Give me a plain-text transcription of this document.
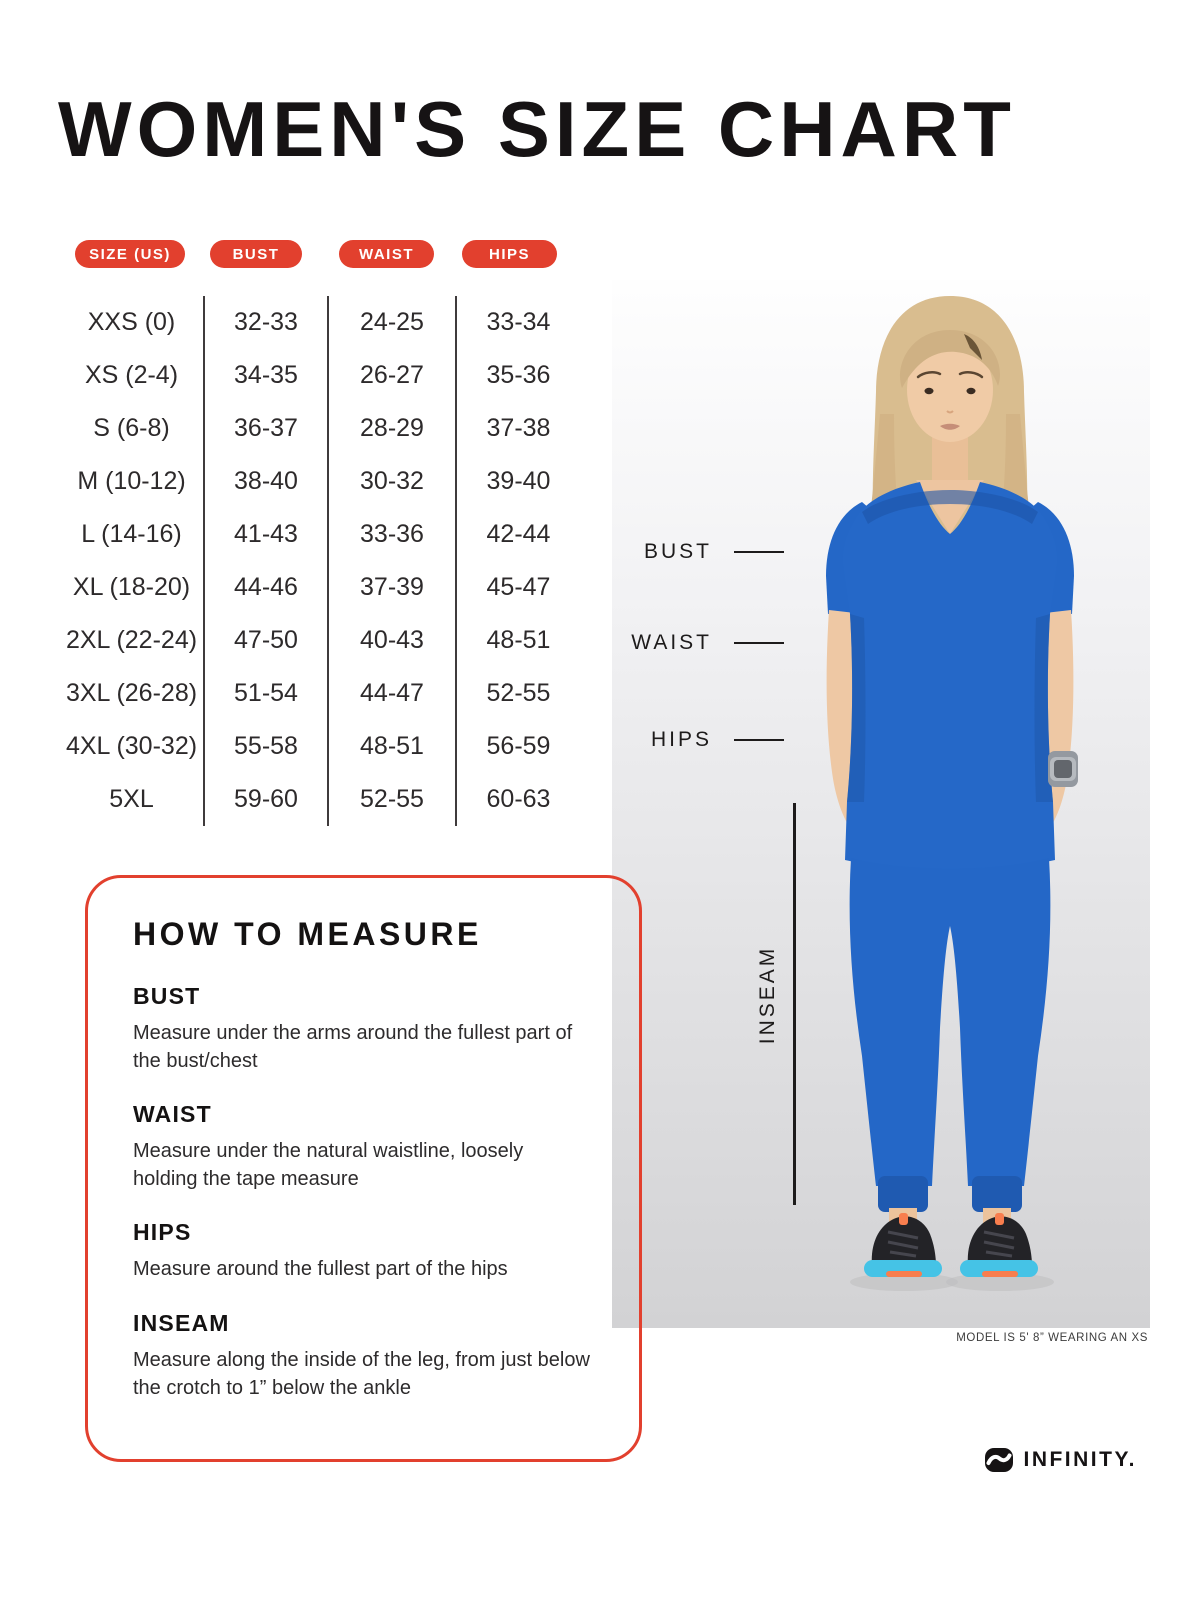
WOMEN'S SIZE CHART
SIZE (US)	BUST	WAIST	HIPS
XXS (0)	32-33	24-25	33-34
XS (2-4)	34-35	26-27	35-36
S (6-8)	36-37	28-29	37-38
M (10-12)	38-40	30-32	39-40
L (14-16)	41-43	33-36	42-44
XL (18-20)	44-46	37-39	45-47
2XL (22-24)	47-50	40-43	48-51
3XL (26-28)	51-54	44-47	52-55
4XL (30-32)	55-58	48-51	56-59
5XL	59-60	52-55	60-63
BUST
WAIST
HIPS
INSEAM
MODEL IS 5' 8” WEARING AN XS
HOW TO MEASURE
BUST

Measure under the arms around the fullest part of the bust/chest

WAIST

Measure under the natural waistline, loosely holding the tape measure

HIPS

Measure around the fullest part of the hips

INSEAM

Measure along the inside of the leg, from just below the crotch to 1” below the ankle

INFINITY.
